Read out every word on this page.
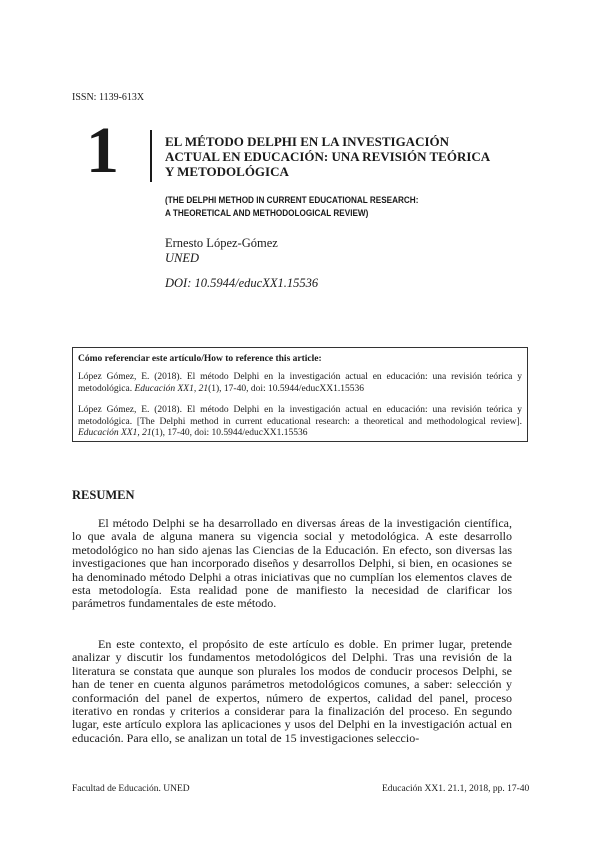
ISSN: 1139-613X
1	EL MÉTODO DELPHI EN LA INVESTIGACIÓN
ACTUAL EN EDUCACIÓN: UNA REVISIÓN TEÓRICA
Y METODOLÓGICA
(THE DELPHI METHOD IN CURRENT EDUCATIONAL RESEARCH:
A THEORETICAL AND METHODOLOGICAL REVIEW)
Ernesto López-Gómez
UNED
DOI: 10.5944/educXX1.15536
Cómo referenciar este artículo/How to reference this article:
López Gómez, E. (2018). El método Delphi en la investigación actual en educación: una revisión teórica y metodológica. Educación XX1, 21(1), 17-40, doi: 10.5944/educXX1.15536
López Gómez, E. (2018). El método Delphi en la investigación actual en educación: una revisión teórica y metodológica. [The Delphi method in current educational research: a theoretical and methodological review]. Educación XX1, 21(1), 17-40, doi: 10.5944/educXX1.15536
RESUMEN
El método Delphi se ha desarrollado en diversas áreas de la investigación científica, lo que avala de alguna manera su vigencia social y metodológica. A este desarrollo metodológico no han sido ajenas las Ciencias de la Educación. En efecto, son diversas las investigaciones que han incorporado diseños y desarrollos Delphi, si bien, en ocasiones se ha denominado método Delphi a otras iniciativas que no cumplían los elementos claves de esta metodología. Esta realidad pone de manifiesto la necesidad de clarificar los parámetros fundamentales de este método.
En este contexto, el propósito de este artículo es doble. En primer lugar, pretende analizar y discutir los fundamentos metodológicos del Delphi. Tras una revisión de la literatura se constata que aunque son plurales los modos de conducir procesos Delphi, se han de tener en cuenta algunos parámetros metodológicos comunes, a saber: selección y conformación del panel de expertos, número de expertos, calidad del panel, proceso iterativo en rondas y criterios a considerar para la finalización del proceso. En segundo lugar, este artículo explora las aplicaciones y usos del Delphi en la investigación actual en educación. Para ello, se analizan un total de 15 investigaciones seleccio-
Facultad de Educación. UNED	Educación XX1. 21.1, 2018, pp. 17-40
